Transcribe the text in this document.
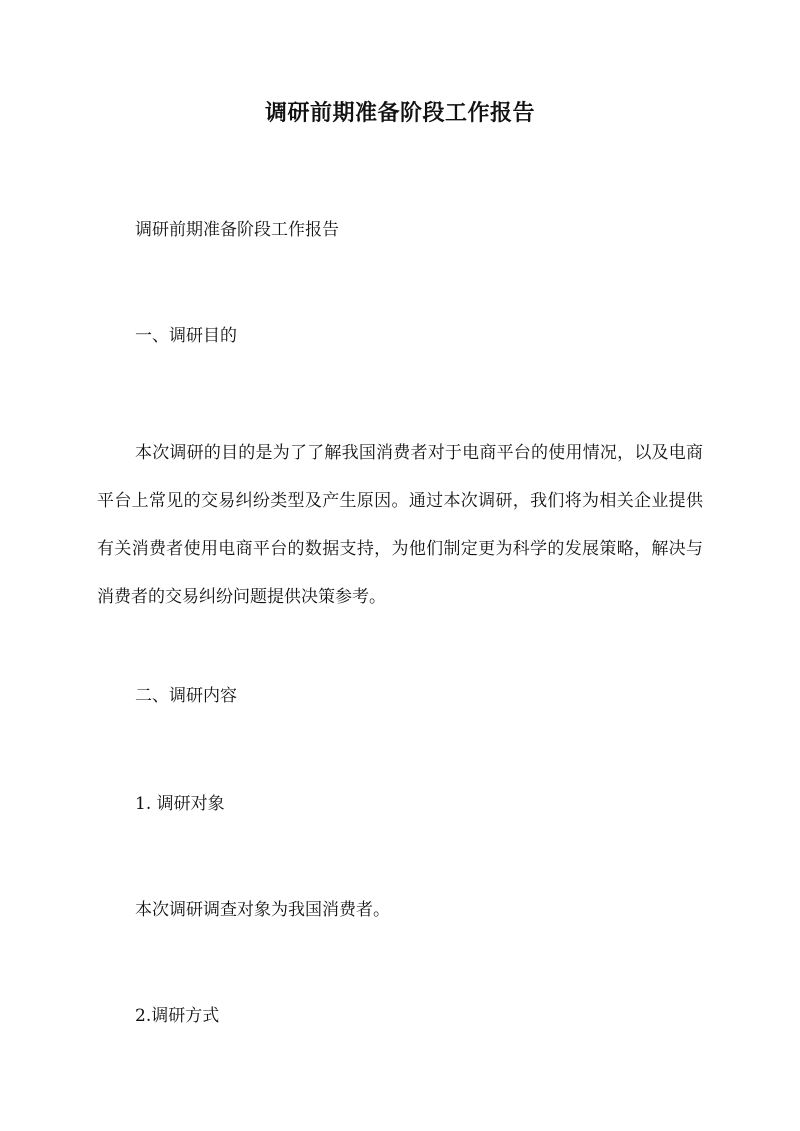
调研前期准备阶段工作报告

调研前期准备阶段工作报告

一、调研目的

本次调研的目的是为了了解我国消费者对于电商平台的使用情况，以及电商平台上常见的交易纠纷类型及产生原因。通过本次调研，我们将为相关企业提供有关消费者使用电商平台的数据支持，为他们制定更为科学的发展策略，解决与消费者的交易纠纷问题提供决策参考。

二、调研内容

1. 调研对象

本次调研调查对象为我国消费者。

2.调研方式
